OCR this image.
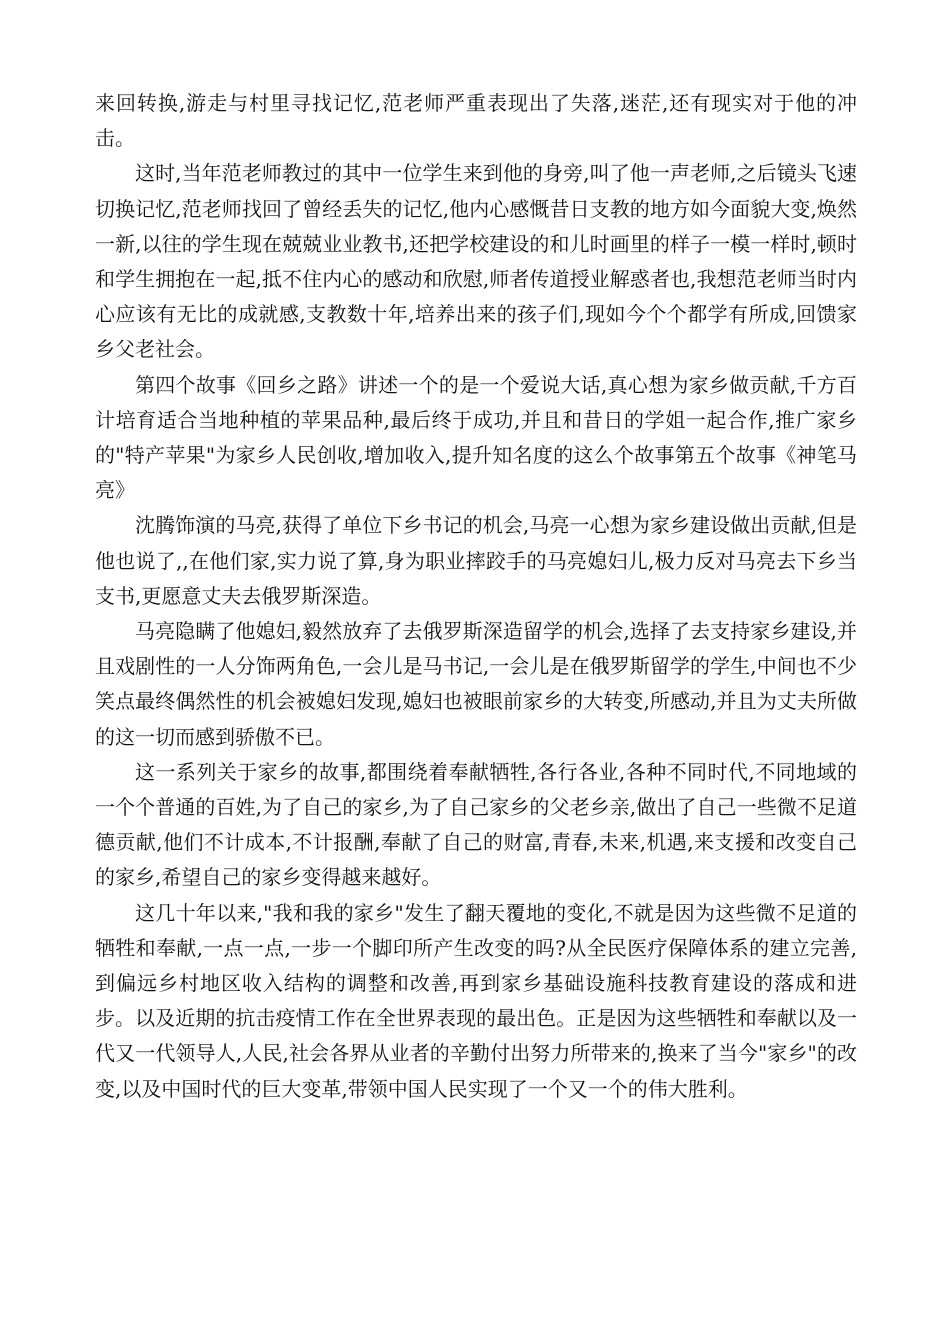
来回转换,游走与村里寻找记忆,范老师严重表现出了失落,迷茫,还有现实对于他的冲击。

这时,当年范老师教过的其中一位学生来到他的身旁,叫了他一声老师,之后镜头飞速切换记忆,范老师找回了曾经丢失的记忆,他内心感慨昔日支教的地方如今面貌大变,焕然一新,以往的学生现在兢兢业业教书,还把学校建设的和儿时画里的样子一模一样时,顿时和学生拥抱在一起,抵不住内心的感动和欣慰,师者传道授业解惑者也,我想范老师当时内心应该有无比的成就感,支教数十年,培养出来的孩子们,现如今个个都学有所成,回馈家乡父老社会。

第四个故事《回乡之路》讲述一个的是一个爱说大话,真心想为家乡做贡献,千方百计培育适合当地种植的苹果品种,最后终于成功,并且和昔日的学姐一起合作,推广家乡的"特产苹果"为家乡人民创收,增加收入,提升知名度的这么个故事第五个故事《神笔马亮》

沈腾饰演的马亮,获得了单位下乡书记的机会,马亮一心想为家乡建设做出贡献,但是他也说了,,在他们家,实力说了算,身为职业摔跤手的马亮媳妇儿,极力反对马亮去下乡当支书,更愿意丈夫去俄罗斯深造。

马亮隐瞒了他媳妇,毅然放弃了去俄罗斯深造留学的机会,选择了去支持家乡建设,并且戏剧性的一人分饰两角色,一会儿是马书记,一会儿是在俄罗斯留学的学生,中间也不少笑点最终偶然性的机会被媳妇发现,媳妇也被眼前家乡的大转变,所感动,并且为丈夫所做的这一切而感到骄傲不已。

这一系列关于家乡的故事,都围绕着奉献牺牲,各行各业,各种不同时代,不同地域的一个个普通的百姓,为了自己的家乡,为了自己家乡的父老乡亲,做出了自己一些微不足道德贡献,他们不计成本,不计报酬,奉献了自己的财富,青春,未来,机遇,来支援和改变自己的家乡,希望自己的家乡变得越来越好。

这几十年以来,"我和我的家乡"发生了翻天覆地的变化,不就是因为这些微不足道的牺牲和奉献,一点一点,一步一个脚印所产生改变的吗?从全民医疗保障体系的建立完善,到偏远乡村地区收入结构的调整和改善,再到家乡基础设施科技教育建设的落成和进步。以及近期的抗击疫情工作在全世界表现的最出色。正是因为这些牺牲和奉献以及一代又一代领导人,人民,社会各界从业者的辛勤付出努力所带来的,换来了当今"家乡"的改变,以及中国时代的巨大变革,带领中国人民实现了一个又一个的伟大胜利。
